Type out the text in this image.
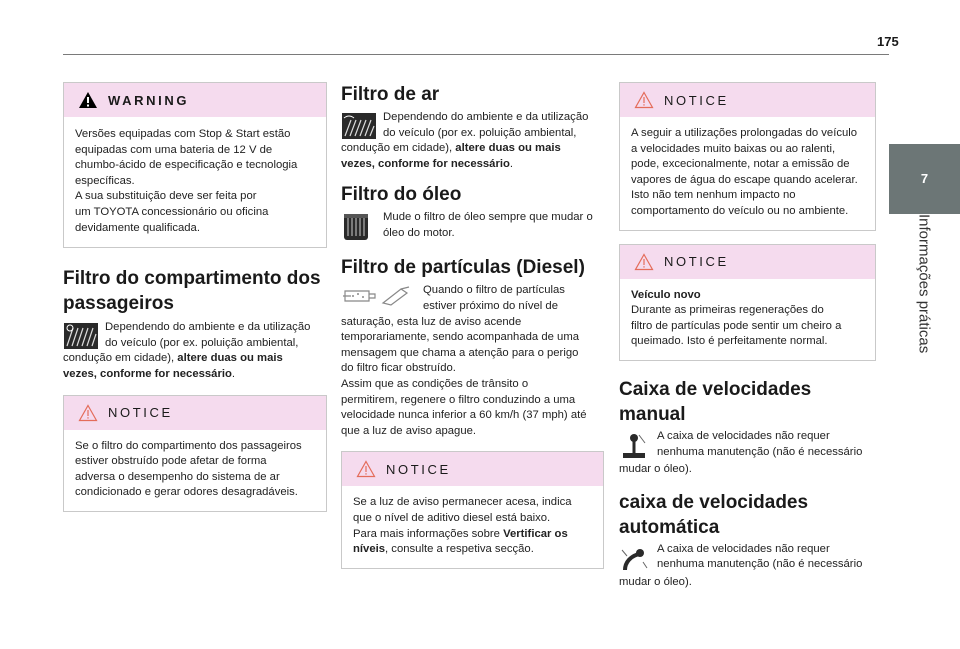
175
7
Informações práticas
WARNING
Versões equipadas com Stop & Start estão
equipadas com uma bateria de 12 V de
chumbo-ácido de especificação e tecnologia
específicas.
A sua substituição deve ser feita por
um TOYOTA concessionário ou oficina
devidamente qualificada.
Filtro do compartimento dos
passageiros
Dependendo do ambiente e da utilização
do veículo (por ex. poluição ambiental,
condução em cidade), altere duas ou mais
vezes, conforme for necessário.
NOTICE
Se o filtro do compartimento dos passageiros
estiver obstruído pode afetar de forma
adversa o desempenho do sistema de ar
condicionado e gerar odores desagradáveis.
Filtro de ar
Dependendo do ambiente e da utilização
do veículo (por ex. poluição ambiental,
condução em cidade), altere duas ou mais
vezes, conforme for necessário.
Filtro do óleo
Mude o filtro de óleo sempre que mudar o
óleo do motor.
Filtro de partículas (Diesel)
Quando o filtro de partículas
estiver próximo do nível de
saturação, esta luz de aviso acende
temporariamente, sendo acompanhada de uma
mensagem que chama a atenção para o perigo
do filtro ficar obstruído.
Assim que as condições de trânsito o
permitirem, regenere o filtro conduzindo a uma
velocidade nunca inferior a 60 km/h (37 mph) até
que a luz de aviso apague.
NOTICE
Se a luz de aviso permanecer acesa, indica
que o nível de aditivo diesel está baixo.
Para mais informações sobre Vertificar os
níveis, consulte a respetiva secção.
NOTICE
A seguir a utilizações prolongadas do veículo
a velocidades muito baixas ou ao ralenti,
pode, excecionalmente, notar a emissão de
vapores de água do escape quando acelerar.
Isto não tem nenhum impacto no
comportamento do veículo ou no ambiente.
NOTICE
Veículo novo
Durante as primeiras regenerações do
filtro de partículas pode sentir um cheiro a
queimado. Isto é perfeitamente normal.
Caixa de velocidades
manual
A caixa de velocidades não requer
nenhuma manutenção (não é necessário
mudar o óleo).
caixa de velocidades
automática
A caixa de velocidades não requer
nenhuma manutenção (não é necessário
mudar o óleo).
